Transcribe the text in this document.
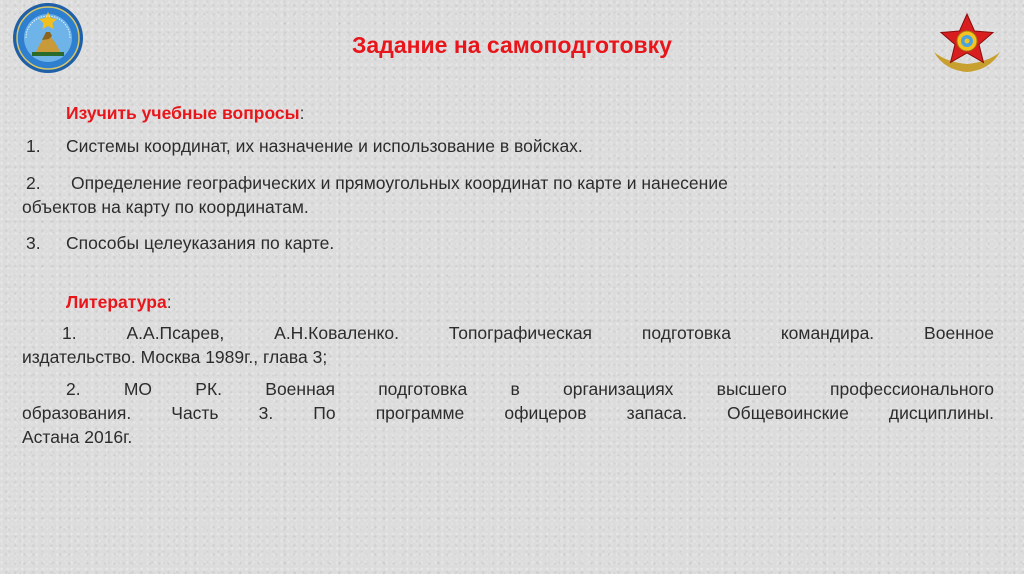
Задание на самоподготовку
Изучить учебные вопросы:
1. Системы координат, их назначение и использование в войсках.
2. Определение географических и прямоугольных координат по карте и нанесение
объектов на карту по координатам.
3. Способы целеуказания по карте.
Литература:
1. А.А.Псарев, А.Н.Коваленко. Топографическая подготовка командира. Военное
издательство. Москва 1989г., глава 3;
2. МО РК. Военная подготовка в организациях высшего профессионального
образования. Часть 3. По программе офицеров запаса. Общевоинские дисциплины.
Астана 2016г.
